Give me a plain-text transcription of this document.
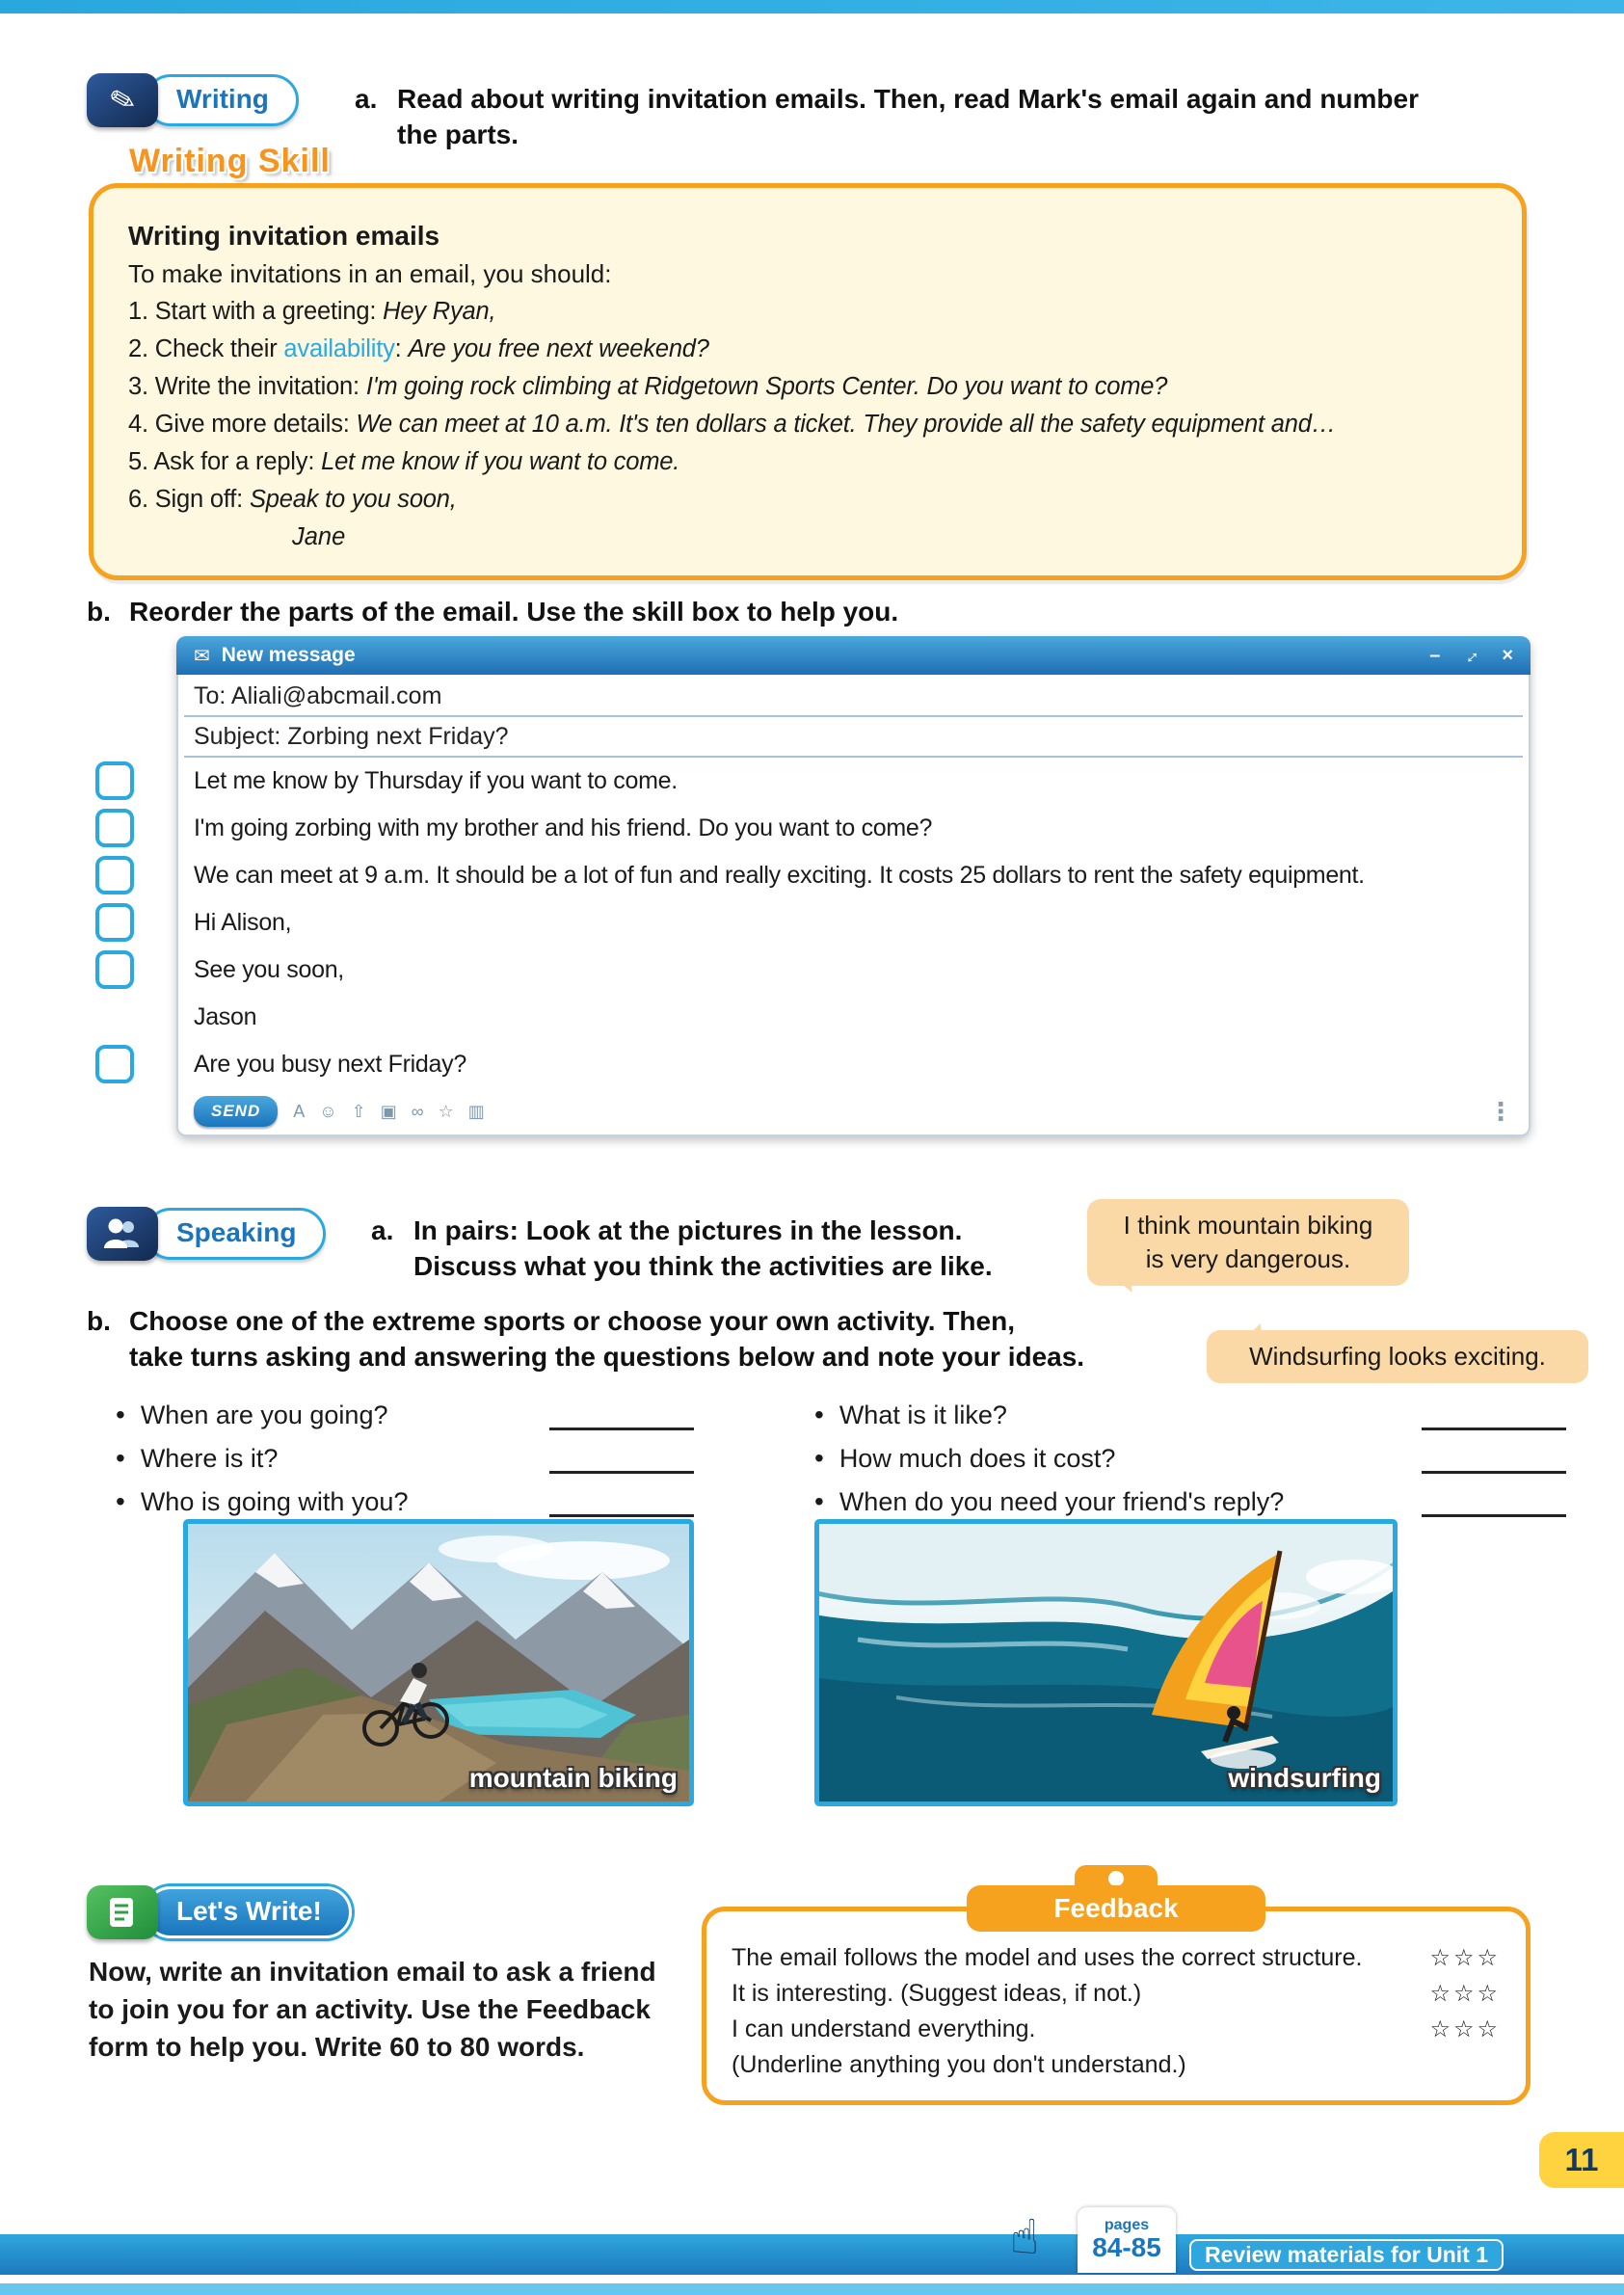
✎	Writing	a. Read about writing invitation emails. Then, read Mark's email again and number
the parts.
Writing Skill
Writing invitation emails
To make invitations in an email, you should:
1. Start with a greeting: Hey Ryan,
2. Check their availability: Are you free next weekend?
3. Write the invitation: I'm going rock climbing at Ridgetown Sports Center. Do you want to come?
4. Give more details: We can meet at 10 a.m. It's ten dollars a ticket. They provide all the safety equipment and…
5. Ask for a reply: Let me know if you want to come.
6. Sign off: Speak to you soon,
Jane
b. Reorder the parts of the email. Use the skill box to help you.
✉ New message	– ↔ ×
To: Aliali@abcmail.com
Subject: Zorbing next Friday?
Let me know by Thursday if you want to come.
I'm going zorbing with my brother and his friend. Do you want to come?
We can meet at 9 a.m. It should be a lot of fun and really exciting. It costs 25 dollars to rent the safety equipment.
Hi Alison,
See you soon,
Jason
Are you busy next Friday?
SEND	A ☺ ⇧ ▣ ∞ ☆ ▥	⋮
Speaking	a. In pairs: Look at the pictures in the lesson.
Discuss what you think the activities are like.
I think mountain biking
is very dangerous.
b. Choose one of the extreme sports or choose your own activity. Then,
take turns asking and answering the questions below and note your ideas.	Windsurfing looks exciting.
• When are you going?
• Where is it?
• Who is going with you?
• What is it like?
• How much does it cost?
• When do you need your friend's reply?
mountain biking	windsurfing
Let's Write!
Now, write an invitation email to ask a friend to join you for an activity. Use the Feedback form to help you. Write 60 to 80 words.
Feedback
The email follows the model and uses the correct structure.	☆☆☆
It is interesting. (Suggest ideas, if not.)	☆☆☆
I can understand everything.	☆☆☆
(Underline anything you don't understand.)
11
☝	pages
84-85	Review materials for Unit 1
